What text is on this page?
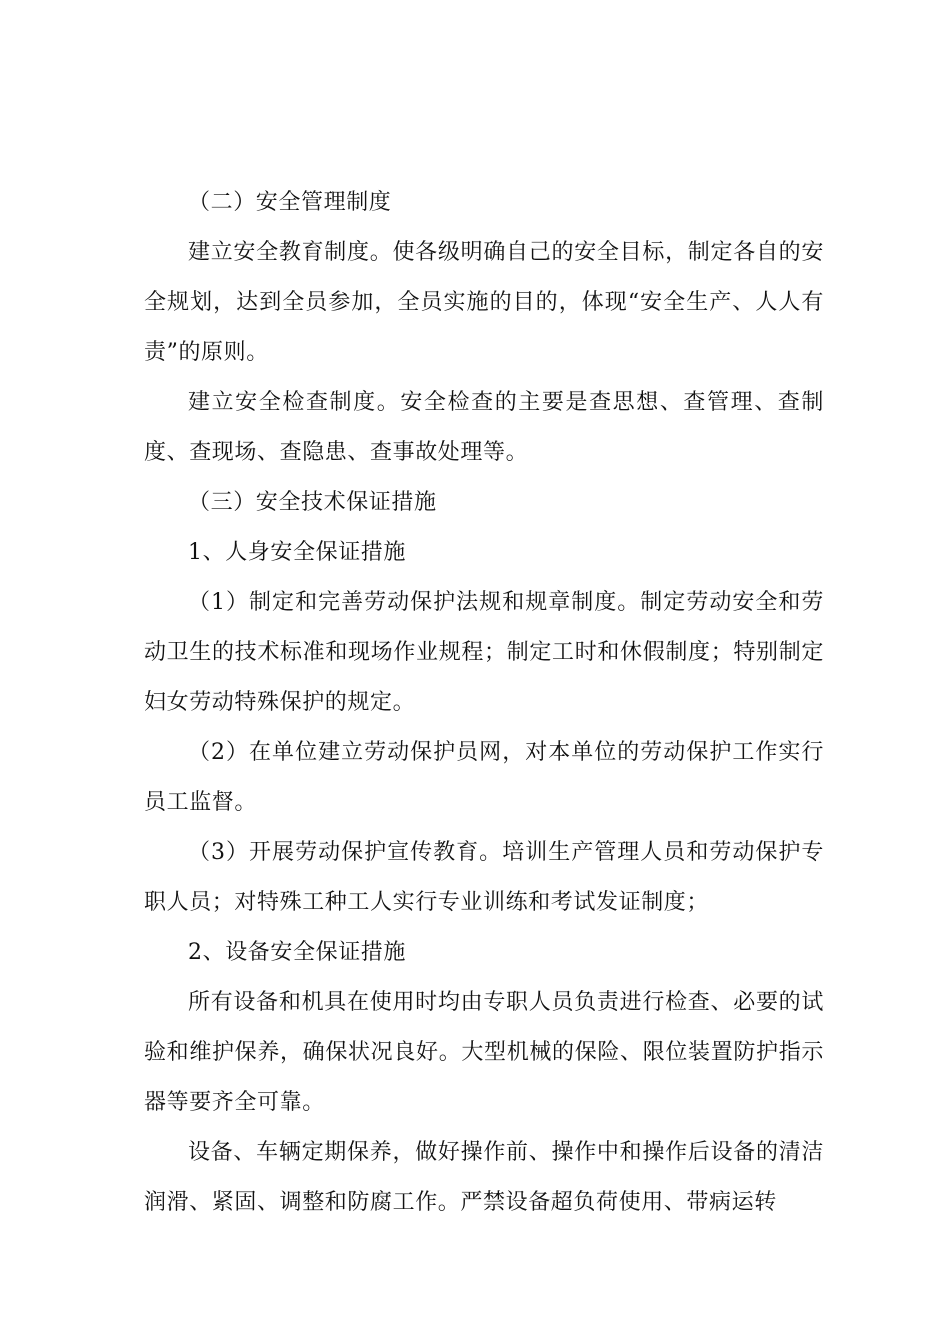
（二）安全管理制度

建立安全教育制度。使各级明确自己的安全目标，制定各自的安全规划，达到全员参加，全员实施的目的，体现“安全生产、人人有责”的原则。

建立安全检查制度。安全检查的主要是查思想、查管理、查制度、查现场、查隐患、查事故处理等。

（三）安全技术保证措施

1、人身安全保证措施

（1）制定和完善劳动保护法规和规章制度。制定劳动安全和劳动卫生的技术标准和现场作业规程；制定工时和休假制度；特别制定妇女劳动特殊保护的规定。

（2）在单位建立劳动保护员网，对本单位的劳动保护工作实行员工监督。

（3）开展劳动保护宣传教育。培训生产管理人员和劳动保护专职人员；对特殊工种工人实行专业训练和考试发证制度；

2、设备安全保证措施

所有设备和机具在使用时均由专职人员负责进行检查、必要的试验和维护保养，确保状况良好。大型机械的保险、限位装置防护指示器等要齐全可靠。

设备、车辆定期保养，做好操作前、操作中和操作后设备的清洁润滑、紧固、调整和防腐工作。严禁设备超负荷使用、带病运转
